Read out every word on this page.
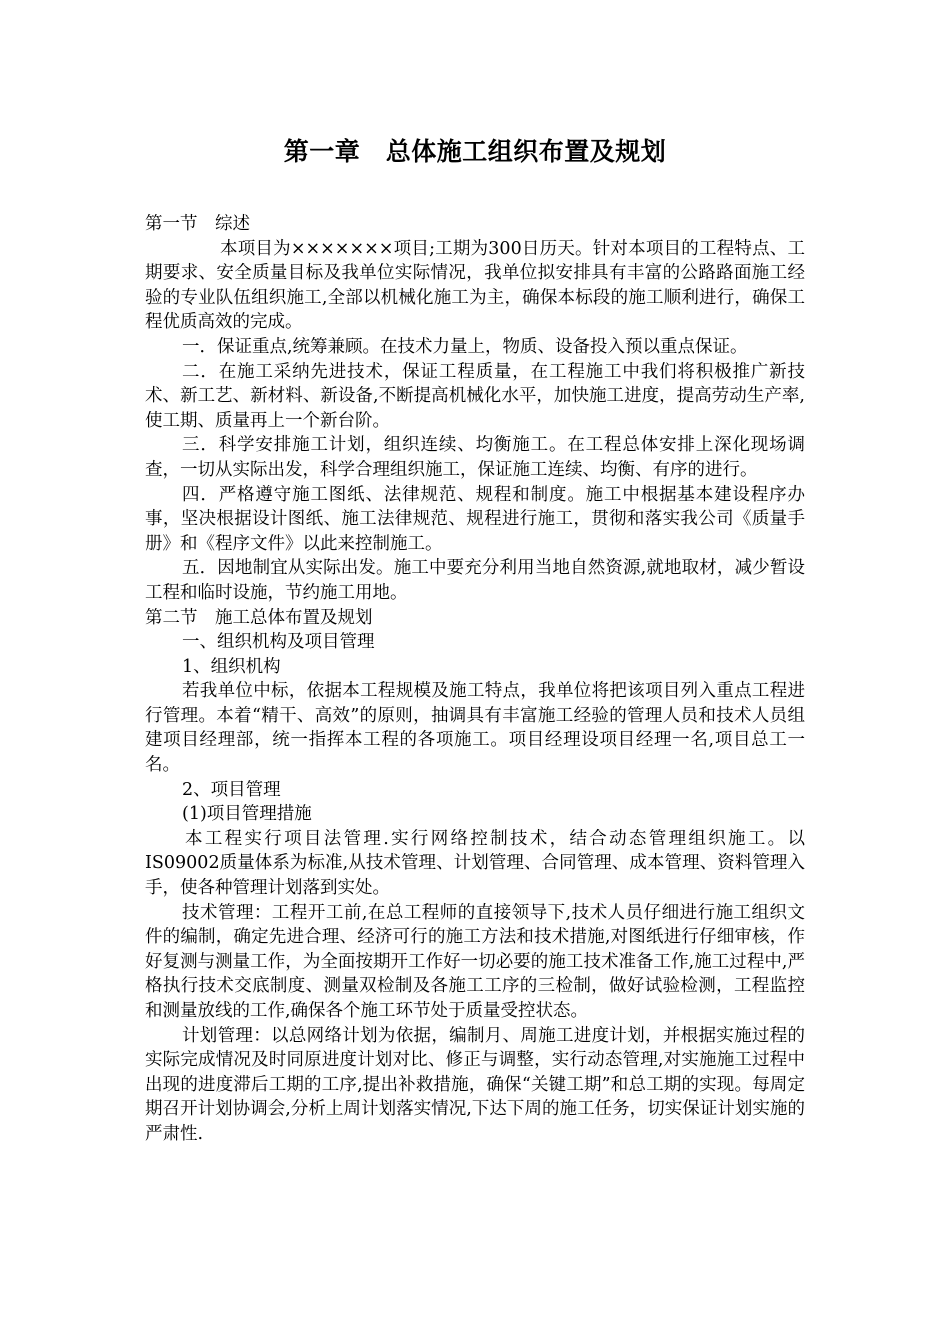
第一章　总体施工组织布置及规划

第一节　综述

本项目为×××××××项目;工期为300日历天。针对本项目的工程特点、工期要求、安全质量目标及我单位实际情况，我单位拟安排具有丰富的公路路面施工经验的专业队伍组织施工,全部以机械化施工为主，确保本标段的施工顺利进行，确保工程优质高效的完成。

一．保证重点,统筹兼顾。在技术力量上，物质、设备投入预以重点保证。

二．在施工采纳先进技术，保证工程质量，在工程施工中我们将积极推广新技术、新工艺、新材料、新设备,不断提高机械化水平，加快施工进度，提高劳动生产率,使工期、质量再上一个新台阶。

三．科学安排施工计划，组织连续、均衡施工。在工程总体安排上深化现场调查，一切从实际出发，科学合理组织施工，保证施工连续、均衡、有序的进行。

四．严格遵守施工图纸、法律规范、规程和制度。施工中根据基本建设程序办事，坚决根据设计图纸、施工法律规范、规程进行施工，贯彻和落实我公司《质量手册》和《程序文件》以此来控制施工。

五．因地制宜从实际出发。施工中要充分利用当地自然资源,就地取材，减少暂设工程和临时设施，节约施工用地。

第二节　施工总体布置及规划

一、组织机构及项目管理

1、组织机构

若我单位中标，依据本工程规模及施工特点，我单位将把该项目列入重点工程进行管理。本着“精干、高效”的原则，抽调具有丰富施工经验的管理人员和技术人员组建项目经理部，统一指挥本工程的各项施工。项目经理设项目经理一名,项目总工一名。

2、项目管理

(1)项目管理措施

本工程实行项目法管理.实行网络控制技术，结合动态管理组织施工。以IS09002质量体系为标准,从技术管理、计划管理、合同管理、成本管理、资料管理入手，使各种管理计划落到实处。

技术管理：工程开工前,在总工程师的直接领导下,技术人员仔细进行施工组织文件的编制，确定先进合理、经济可行的施工方法和技术措施,对图纸进行仔细审核，作好复测与测量工作，为全面按期开工作好一切必要的施工技术准备工作,施工过程中,严格执行技术交底制度、测量双检制及各施工工序的三检制，做好试验检测，工程监控和测量放线的工作,确保各个施工环节处于质量受控状态。

计划管理：以总网络计划为依据，编制月、周施工进度计划，并根据实施过程的实际完成情况及时同原进度计划对比、修正与调整，实行动态管理,对实施施工过程中出现的进度滞后工期的工序,提出补救措施，确保“关键工期”和总工期的实现。每周定期召开计划协调会,分析上周计划落实情况,下达下周的施工任务，切实保证计划实施的严肃性.
